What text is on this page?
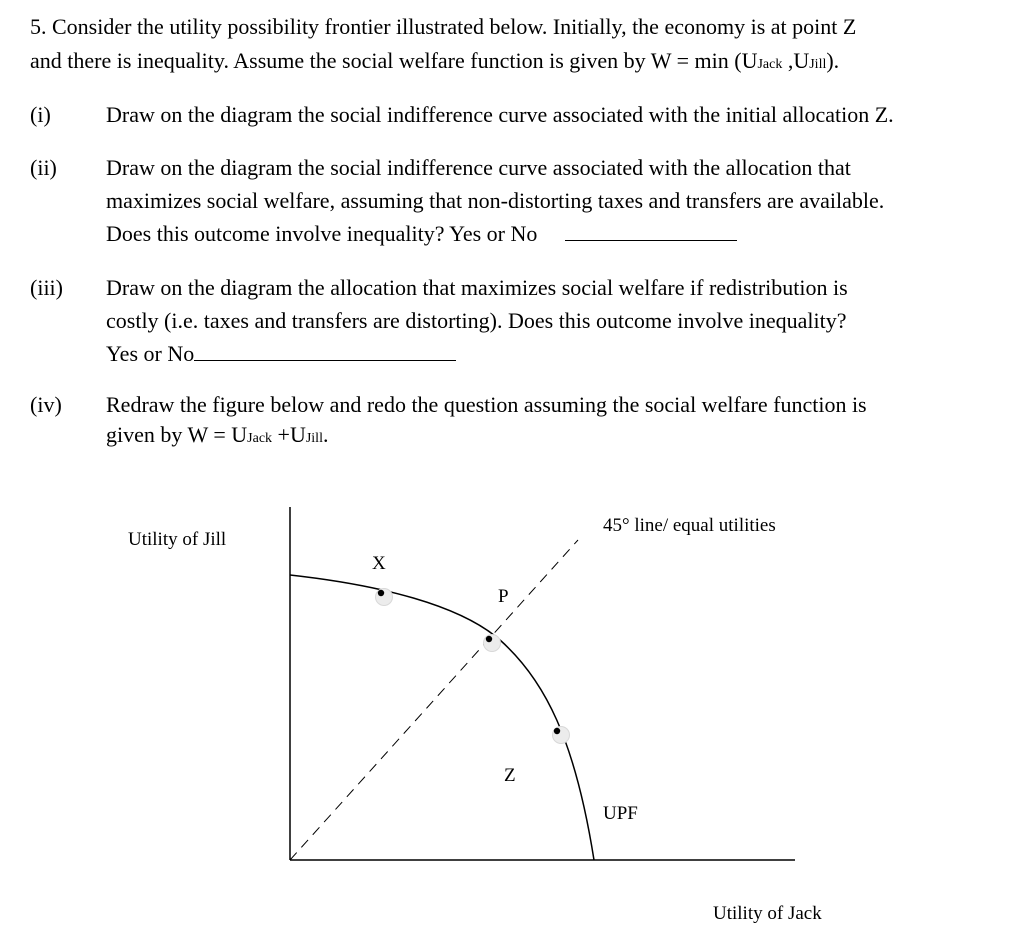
5. Consider the utility possibility frontier illustrated below. Initially, the economy is at point Z
and there is inequality. Assume the social welfare function is given by W = min (UJack ,UJill).
(i)	Draw on the diagram the social indifference curve associated with the initial allocation Z.
(ii) Draw on the diagram the social indifference curve associated with the allocation that
maximizes social welfare, assuming that non-distorting taxes and transfers are available.
Does this outcome involve inequality? Yes or No
(iii) Draw on the diagram the allocation that maximizes social welfare if redistribution is
costly (i.e. taxes and transfers are distorting). Does this outcome involve inequality?
Yes or No
(iv) Redraw the figure below and redo the question assuming the social welfare function is
given by W = UJack +UJill.
Utility of Jill
Utility of Jack
45° line/ equal utilities
UPF
X
P
Z
